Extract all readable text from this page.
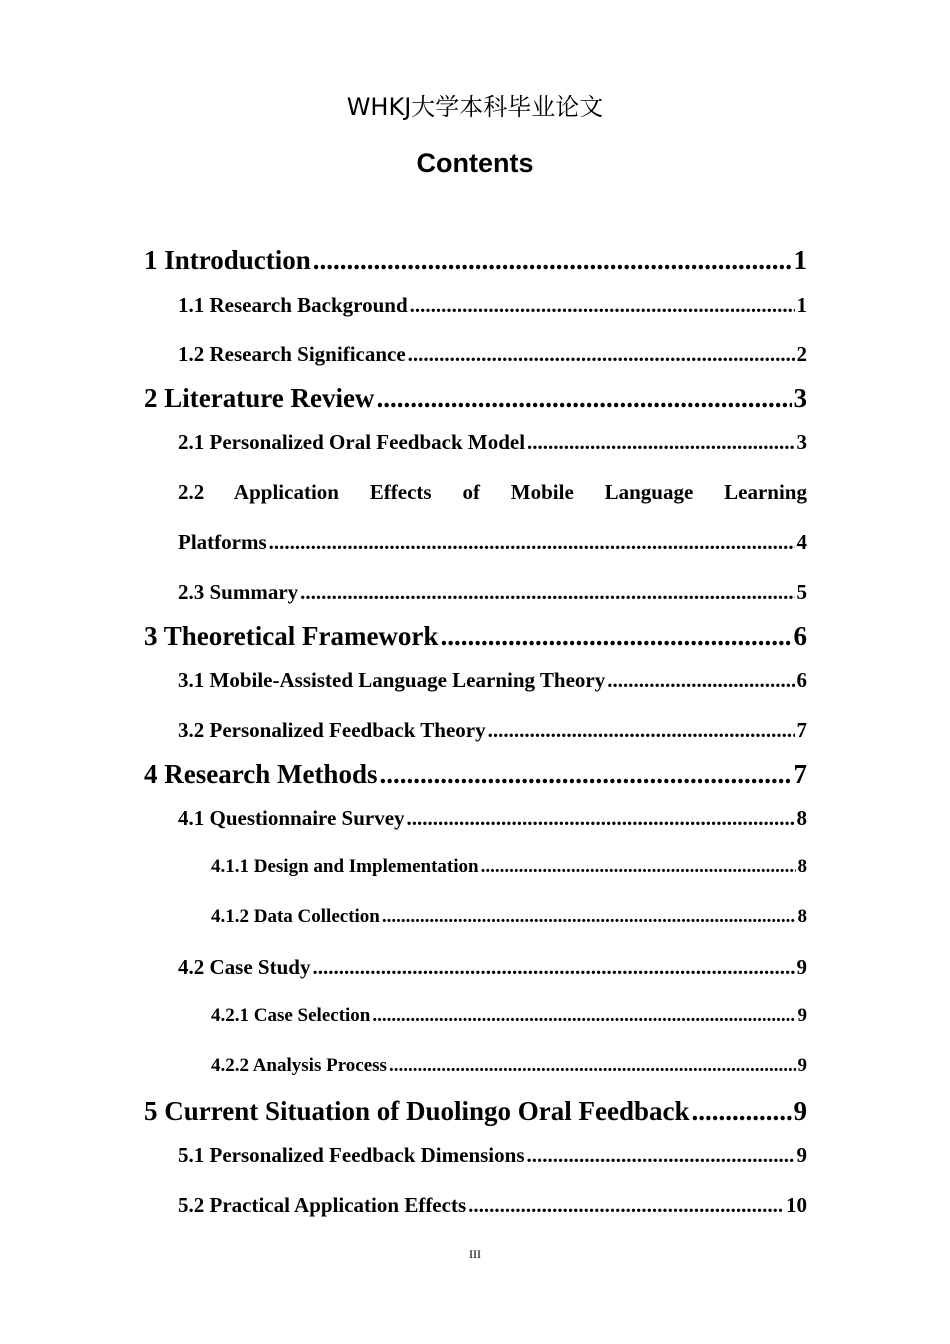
WHKJ大学本科毕业论文
Contents
1 Introduction .....	1
1.1 Research Background .....	1
1.2 Research Significance .....	2
2 Literature Review .....	3
2.1 Personalized Oral Feedback Model .....	3
2.2 Application Effects of Mobile Language Learning
Platforms .....	4
2.3 Summary .....	5
3 Theoretical Framework .....	6
3.1 Mobile-Assisted Language Learning Theory .....	6
3.2 Personalized Feedback Theory .....	7
4 Research Methods .....	7
4.1 Questionnaire Survey .....	8
4.1.1 Design and Implementation .....	8
4.1.2 Data Collection .....	8
4.2 Case Study .....	9
4.2.1 Case Selection .....	9
4.2.2 Analysis Process .....	9
5 Current Situation of Duolingo Oral Feedback .....	9
5.1 Personalized Feedback Dimensions .....	9
5.2 Practical Application Effects .....	10
III
